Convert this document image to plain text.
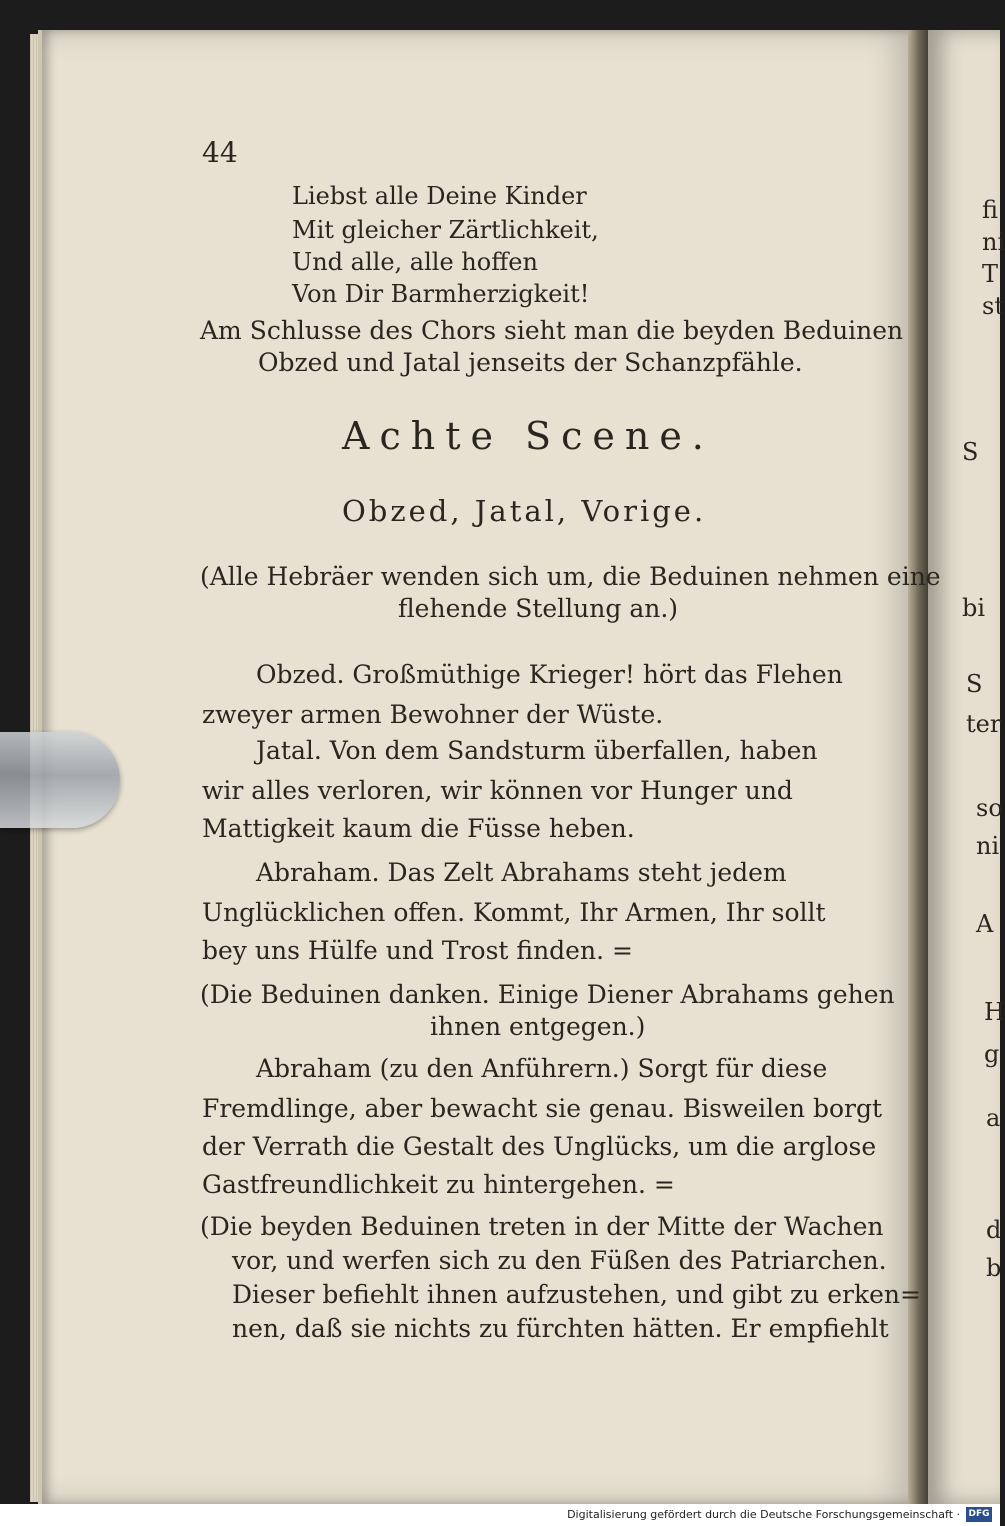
44
Liebst alle Deine Kinder
Mit gleicher Zärtlichkeit,
Und alle, alle hoffen
Von Dir Barmherzigkeit!
Am Schlusse des Chors sieht man die beyden Beduinen
Obzed und Jatal jenseits der Schanzpfähle.
Achte Scene.
Obzed, Jatal, Vorige.
(Alle Hebräer wenden sich um, die Beduinen nehmen eine
flehende Stellung an.)
Obzed. Großmüthige Krieger! hört das Flehen
zweyer armen Bewohner der Wüste.
Jatal. Von dem Sandsturm überfallen, haben
wir alles verloren, wir können vor Hunger und
Mattigkeit kaum die Füsse heben.
Abraham. Das Zelt Abrahams steht jedem
Unglücklichen offen. Kommt, Ihr Armen, Ihr sollt
bey uns Hülfe und Trost finden. =
(Die Beduinen danken. Einige Diener Abrahams gehen
ihnen entgegen.)
Abraham (zu den Anführern.) Sorgt für diese
Fremdlinge, aber bewacht sie genau. Bisweilen borgt
der Verrath die Gestalt des Unglücks, um die arglose
Gastfreundlichkeit zu hintergehen. =
(Die beyden Beduinen treten in der Mitte der Wachen
vor, und werfen sich zu den Füßen des Patriarchen.
Dieser befiehlt ihnen aufzustehen, und gibt zu erken=
nen, daß sie nichts zu fürchten hätten. Er empfiehlt
fi
ni
T
st
S
bi
S
ter
so
ni
A
H
g
a
d
b
Digitalisierung gefördert durch die Deutsche Forschungsgemeinschaft · DFG
